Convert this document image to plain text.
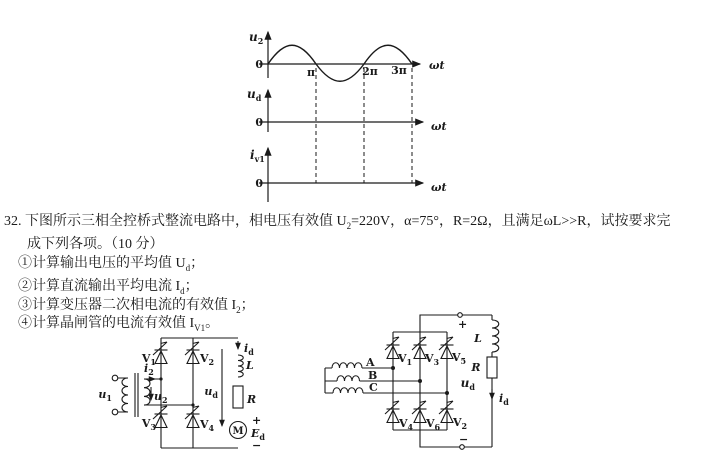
$u_2$
0
π	2π 3π ωt
$u_d$
0	ωt
$i_{v1}$
0	ωt
32. 下图所示三相全控桥式整流电路中，相电压有效值 $U_2=220V$，α=75°，R=2Ω，且满足ωL>>R，试按要求完
成下列各项。（10 分）
①计算输出电压的平均值 $U_d$；
②计算直流输出平均电流 $I_d$；
③计算变压器二次相电流的有效值 $I_2$；
④计算晶闸管的电流有效值 $I_{V1}$。
$u_1$	$u_2$
$i_2$
$V_1$	$V_2$
$V_3$	$V_4$
$i_d$
L
R
M
$u_d$
+
$E_d$
−
A
B
C
+
−
$V_1$ $V_3$ $V_5$
$V_4$ $V_6$ $V_2$
L
R
$i_d$
$u_d$
